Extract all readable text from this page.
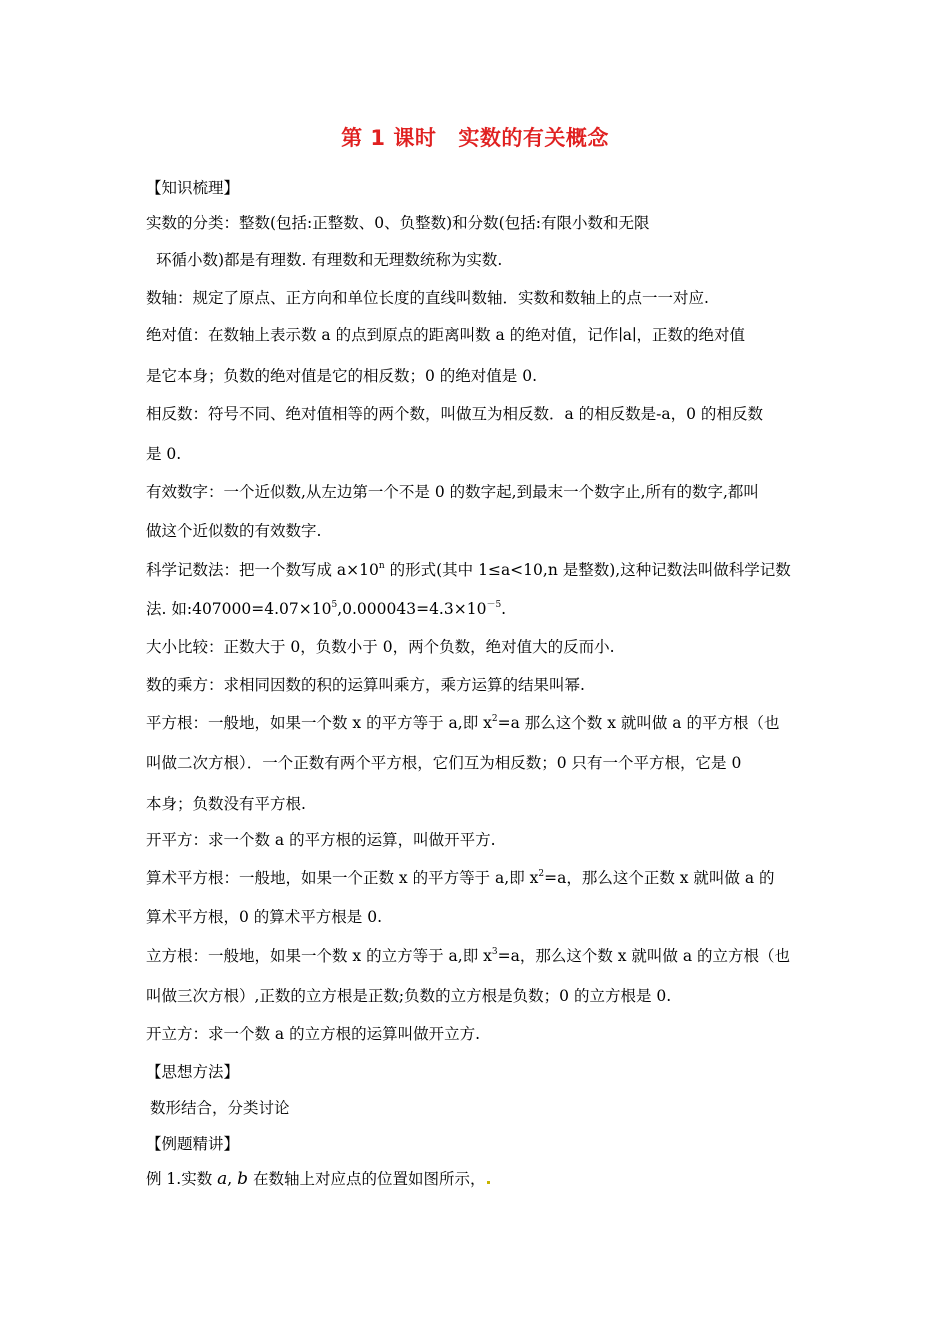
第 1 课时 实数的有关概念
【知识梳理】
实数的分类：整数(包括:正整数、0、负整数)和分数(包括:有限小数和无限
环循小数)都是有理数. 有理数和无理数统称为实数.
数轴：规定了原点、正方向和单位长度的直线叫数轴．实数和数轴上的点一一对应.
绝对值：在数轴上表示数 a 的点到原点的距离叫数 a 的绝对值，记作∣a∣，正数的绝对值
是它本身；负数的绝对值是它的相反数；0 的绝对值是 0.
相反数：符号不同、绝对值相等的两个数，叫做互为相反数．a 的相反数是-a，0 的相反数
是 0.
有效数字：一个近似数,从左边第一个不是 0 的数字起,到最末一个数字止,所有的数字,都叫
做这个近似数的有效数字.
科学记数法：把一个数写成 $a\times 10^n$ 的形式(其中 1≤a<10,n 是整数),这种记数法叫做科学记数
法. 如$:407000=4.07\times 10^5,0.000043=4.3\times 10^{-5}$.
大小比较：正数大于 0，负数小于 0，两个负数，绝对值大的反而小.
数的乘方：求相同因数的积的运算叫乘方，乘方运算的结果叫幂.
平方根：一般地，如果一个数 x 的平方等于 a,即 $x^2=a$ 那么这个数 x 就叫做 a 的平方根（也
叫做二次方根）．一个正数有两个平方根，它们互为相反数；0 只有一个平方根，它是 0
本身；负数没有平方根.
开平方：求一个数 a 的平方根的运算，叫做开平方.
算术平方根：一般地，如果一个正数 x 的平方等于 a,即 $x^2=a$，那么这个正数 x 就叫做 a 的
算术平方根，0 的算术平方根是 0.
立方根：一般地，如果一个数 x 的立方等于 a,即 $x^3=a$，那么这个数 x 就叫做 a 的立方根（也
叫做三次方根）,正数的立方根是正数;负数的立方根是负数；0 的立方根是 0.
开立方：求一个数 a 的立方根的运算叫做开立方.
【思想方法】
数形结合，分类讨论
【例题精讲】
例 1.实数 a, b 在数轴上对应点的位置如图所示，
